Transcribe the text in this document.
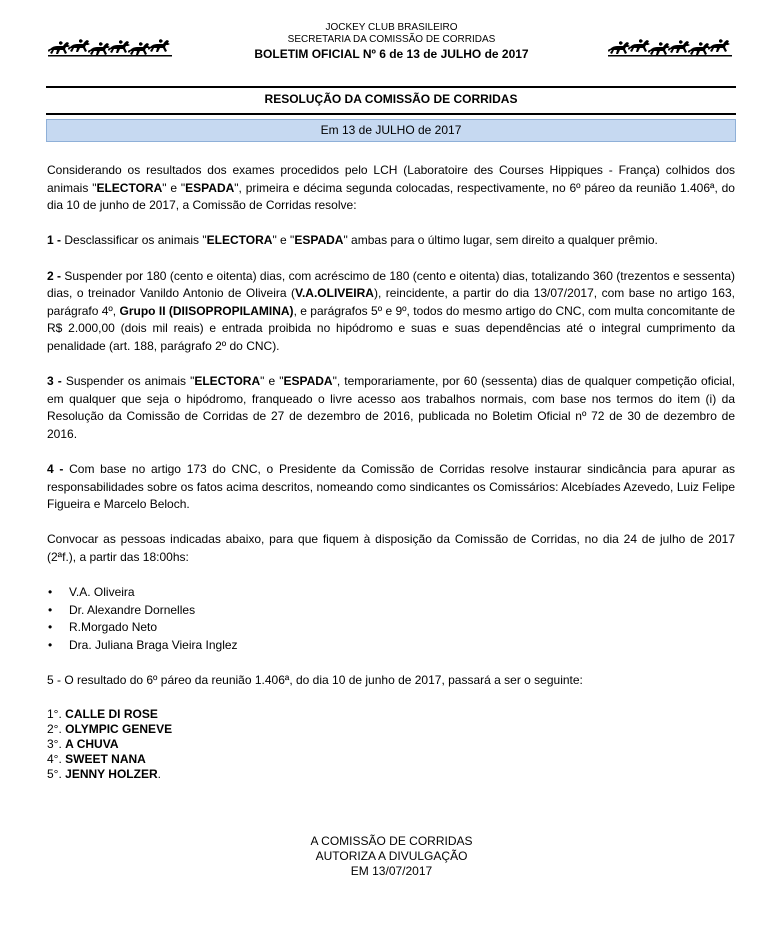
JOCKEY CLUB BRASILEIRO
SECRETARIA DA COMISSÃO DE CORRIDAS
BOLETIM OFICIAL Nº 6 de 13 de JULHO de 2017
RESOLUÇÃO DA COMISSÃO DE CORRIDAS
Em 13 de JULHO de 2017

Considerando os resultados dos exames procedidos pelo LCH (Laboratoire des Courses Hippiques - França) colhidos dos animais "ELECTORA" e "ESPADA", primeira e décima segunda colocadas, respectivamente, no 6º páreo da reunião 1.406ª, do dia 10 de junho de 2017, a Comissão de Corridas resolve:

1 - Desclassificar os animais "ELECTORA" e "ESPADA" ambas para o último lugar, sem direito a qualquer prêmio.

2 - Suspender por 180 (cento e oitenta) dias, com acréscimo de 180 (cento e oitenta) dias, totalizando 360 (trezentos e sessenta) dias, o treinador Vanildo Antonio de Oliveira (V.A.OLIVEIRA), reincidente, a partir do dia 13/07/2017, com base no artigo 163, parágrafo 4º, Grupo II (DIISOPROPILAMINA), e parágrafos 5º e 9º, todos do mesmo artigo do CNC, com multa concomitante de R$ 2.000,00 (dois mil reais) e entrada proibida no hipódromo e suas e suas dependências até o integral cumprimento da penalidade (art. 188, parágrafo 2º do CNC).

3 - Suspender os animais "ELECTORA" e "ESPADA", temporariamente, por 60 (sessenta) dias de qualquer competição oficial, em qualquer que seja o hipódromo, franqueado o livre acesso aos trabalhos normais, com base nos termos do item (i) da Resolução da Comissão de Corridas de 27 de dezembro de 2016, publicada no Boletim Oficial nº 72 de 30 de dezembro de 2016.

4 - Com base no artigo 173 do CNC, o Presidente da Comissão de Corridas resolve instaurar sindicância para apurar as responsabilidades sobre os fatos acima descritos, nomeando como sindicantes os Comissários: Alcebíades Azevedo, Luiz Felipe Figueira e Marcelo Beloch.

Convocar as pessoas indicadas abaixo, para que fiquem à disposição da Comissão de Corridas, no dia 24 de julho de 2017 (2ªf.), a partir das 18:00hs:

• V.A. Oliveira
• Dr. Alexandre Dornelles
• R.Morgado Neto
• Dra. Juliana Braga Vieira Inglez

5 - O resultado do 6º páreo da reunião 1.406ª, do dia 10 de junho de 2017, passará a ser o seguinte:

1°. CALLE DI ROSE
2°. OLYMPIC GENEVE
3°. A CHUVA
4°. SWEET NANA
5°. JENNY HOLZER.
A COMISSÃO DE CORRIDAS
AUTORIZA A DIVULGAÇÃO
EM 13/07/2017
